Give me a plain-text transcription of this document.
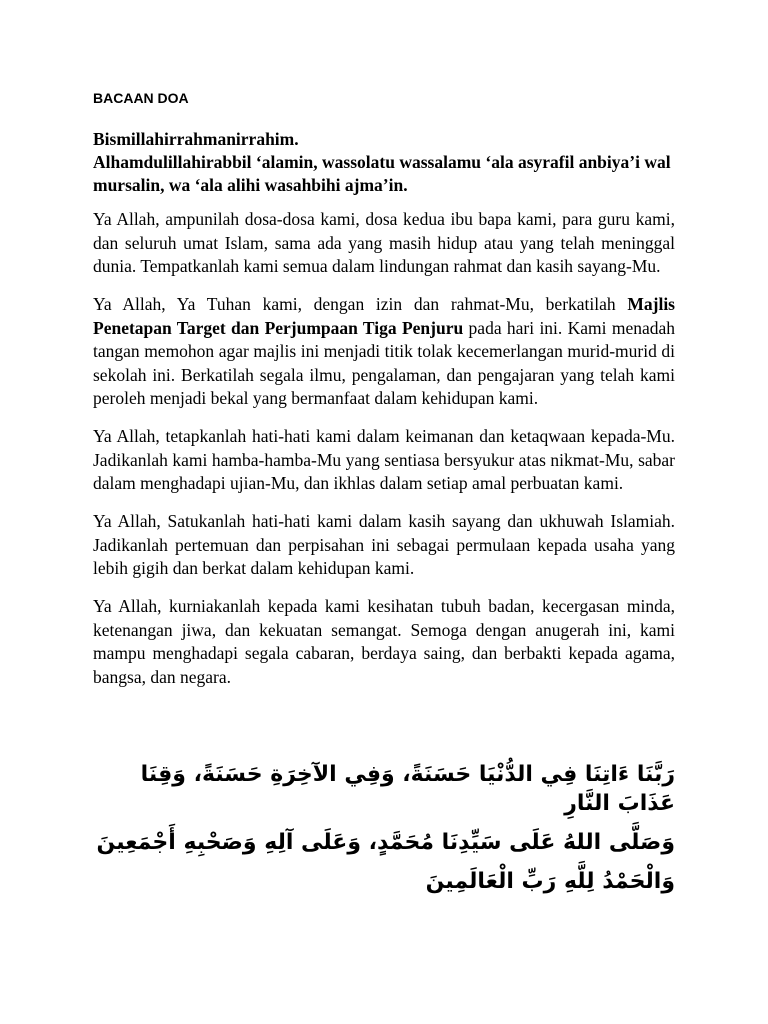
BACAAN DOA

Bismillahirrahmanirrahim.

Alhamdulillahirabbil ‘alamin, wassolatu wassalamu ‘ala asyrafil anbiya’i wal mursalin, wa ‘ala alihi wasahbihi ajma’in.

Ya Allah, ampunilah dosa-dosa kami, dosa kedua ibu bapa kami, para guru kami, dan seluruh umat Islam, sama ada yang masih hidup atau yang telah meninggal dunia. Tempatkanlah kami semua dalam lindungan rahmat dan kasih sayang-Mu.

Ya Allah, Ya Tuhan kami, dengan izin dan rahmat-Mu, berkatilah Majlis Penetapan Target dan Perjumpaan Tiga Penjuru pada hari ini. Kami menadah tangan memohon agar majlis ini menjadi titik tolak kecemerlangan murid-murid di sekolah ini. Berkatilah segala ilmu, pengalaman, dan pengajaran yang telah kami peroleh menjadi bekal yang bermanfaat dalam kehidupan kami.

Ya Allah, tetapkanlah hati-hati kami dalam keimanan dan ketaqwaan kepada-Mu. Jadikanlah kami hamba-hamba-Mu yang sentiasa bersyukur atas nikmat-Mu, sabar dalam menghadapi ujian-Mu, dan ikhlas dalam setiap amal perbuatan kami.

Ya Allah, Satukanlah hati-hati kami dalam kasih sayang dan ukhuwah Islamiah. Jadikanlah pertemuan dan perpisahan ini sebagai permulaan kepada usaha yang lebih gigih dan berkat dalam kehidupan kami.

Ya Allah, kurniakanlah kepada kami kesihatan tubuh badan, kecergasan minda, ketenangan jiwa, dan kekuatan semangat. Semoga dengan anugerah ini, kami mampu menghadapi segala cabaran, berdaya saing, dan berbakti kepada agama, bangsa, dan negara.

رَبَّنَا ءَاتِنَا فِي الدُّنْيَا حَسَنَةً، وَفِي الآخِرَةِ حَسَنَةً، وَقِنَا عَذَابَ النَّارِ

وَصَلَّى اللهُ عَلَى سَيِّدِنَا مُحَمَّدٍ، وَعَلَى آلِهِ وَصَحْبِهِ أَجْمَعِينَ

وَالْحَمْدُ لِلَّهِ رَبِّ الْعَالَمِينَ
